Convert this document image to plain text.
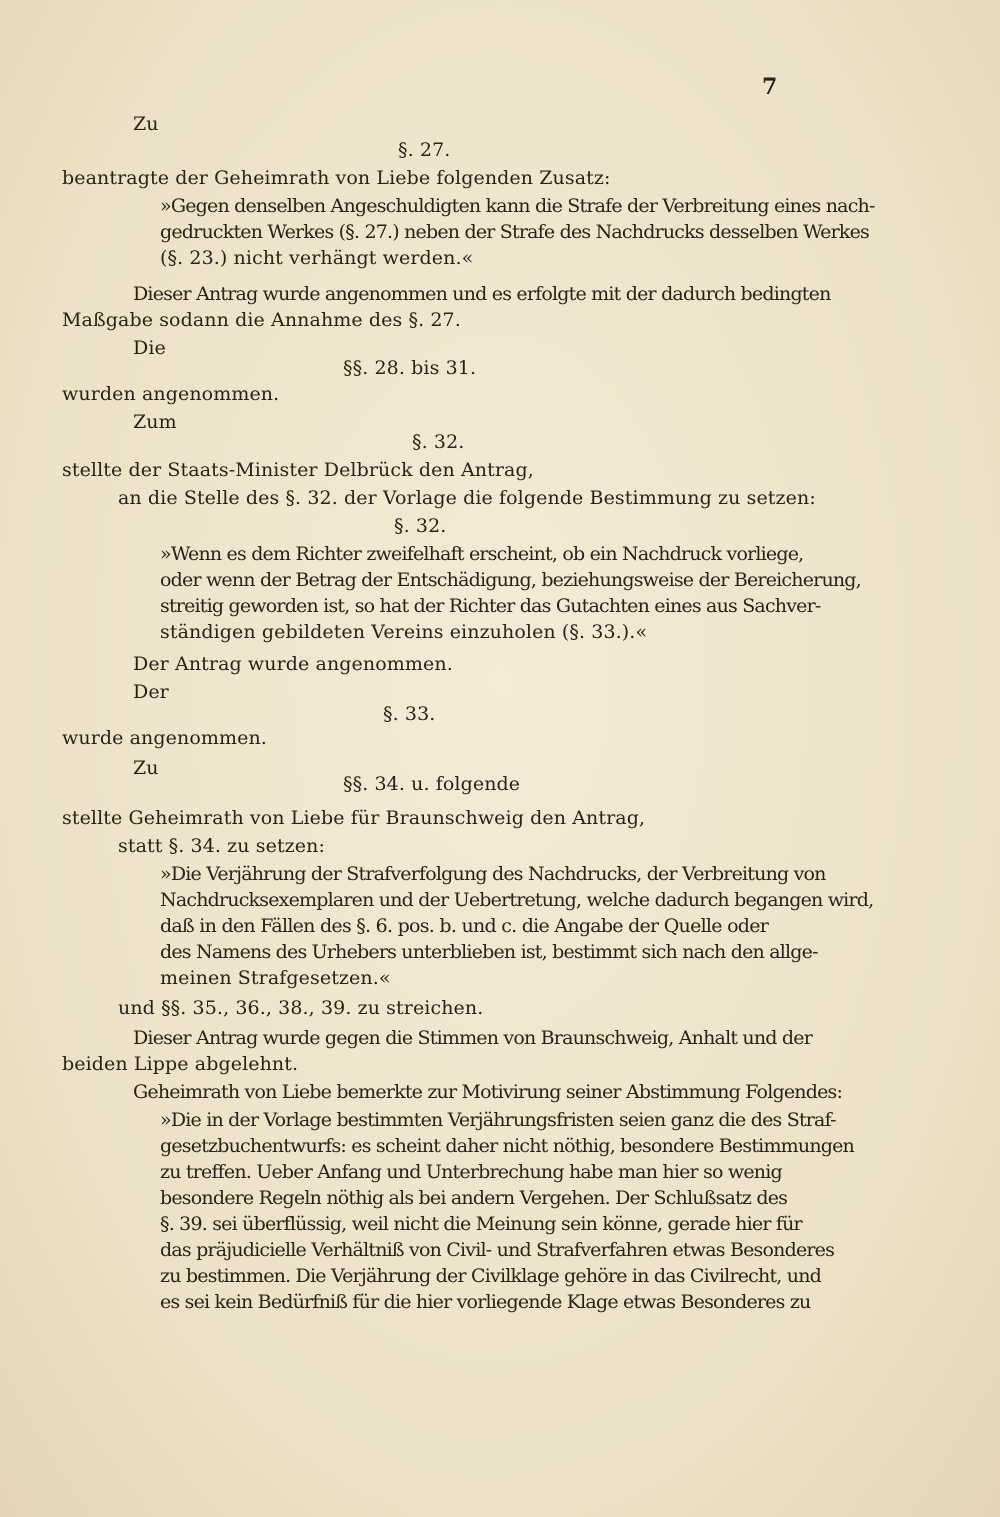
7
Zu
§. 27.
beantragte der Geheimrath von Liebe folgenden Zusatz:
»Gegen denselben Angeschuldigten kann die Strafe der Verbreitung eines nach-
gedruckten Werkes (§. 27.) neben der Strafe des Nachdrucks desselben Werkes
(§. 23.) nicht verhängt werden.«
Dieser Antrag wurde angenommen und es erfolgte mit der dadurch bedingten
Maßgabe sodann die Annahme des §. 27.
Die
§§. 28. bis 31.
wurden angenommen.
Zum
§. 32.
stellte der Staats-Minister Delbrück den Antrag,
an die Stelle des §. 32. der Vorlage die folgende Bestimmung zu setzen:
§. 32.
»Wenn es dem Richter zweifelhaft erscheint, ob ein Nachdruck vorliege,
oder wenn der Betrag der Entschädigung, beziehungsweise der Bereicherung,
streitig geworden ist, so hat der Richter das Gutachten eines aus Sachver-
ständigen gebildeten Vereins einzuholen (§. 33.).«
Der Antrag wurde angenommen.
Der
§. 33.
wurde angenommen.
Zu
§§. 34. u. folgende
stellte Geheimrath von Liebe für Braunschweig den Antrag,
statt §. 34. zu setzen:
»Die Verjährung der Strafverfolgung des Nachdrucks, der Verbreitung von
Nachdrucksexemplaren und der Uebertretung, welche dadurch begangen wird,
daß in den Fällen des §. 6. pos. b. und c. die Angabe der Quelle oder
des Namens des Urhebers unterblieben ist, bestimmt sich nach den allge-
meinen Strafgesetzen.«
und §§. 35., 36., 38., 39. zu streichen.
Dieser Antrag wurde gegen die Stimmen von Braunschweig, Anhalt und der
beiden Lippe abgelehnt.
Geheimrath von Liebe bemerkte zur Motivirung seiner Abstimmung Folgendes:
»Die in der Vorlage bestimmten Verjährungsfristen seien ganz die des Straf-
gesetzbuchentwurfs: es scheint daher nicht nöthig, besondere Bestimmungen
zu treffen. Ueber Anfang und Unterbrechung habe man hier so wenig
besondere Regeln nöthig als bei andern Vergehen. Der Schlußsatz des
§. 39. sei überflüssig, weil nicht die Meinung sein könne, gerade hier für
das präjudicielle Verhältniß von Civil- und Strafverfahren etwas Besonderes
zu bestimmen. Die Verjährung der Civilklage gehöre in das Civilrecht, und
es sei kein Bedürfniß für die hier vorliegende Klage etwas Besonderes zu
